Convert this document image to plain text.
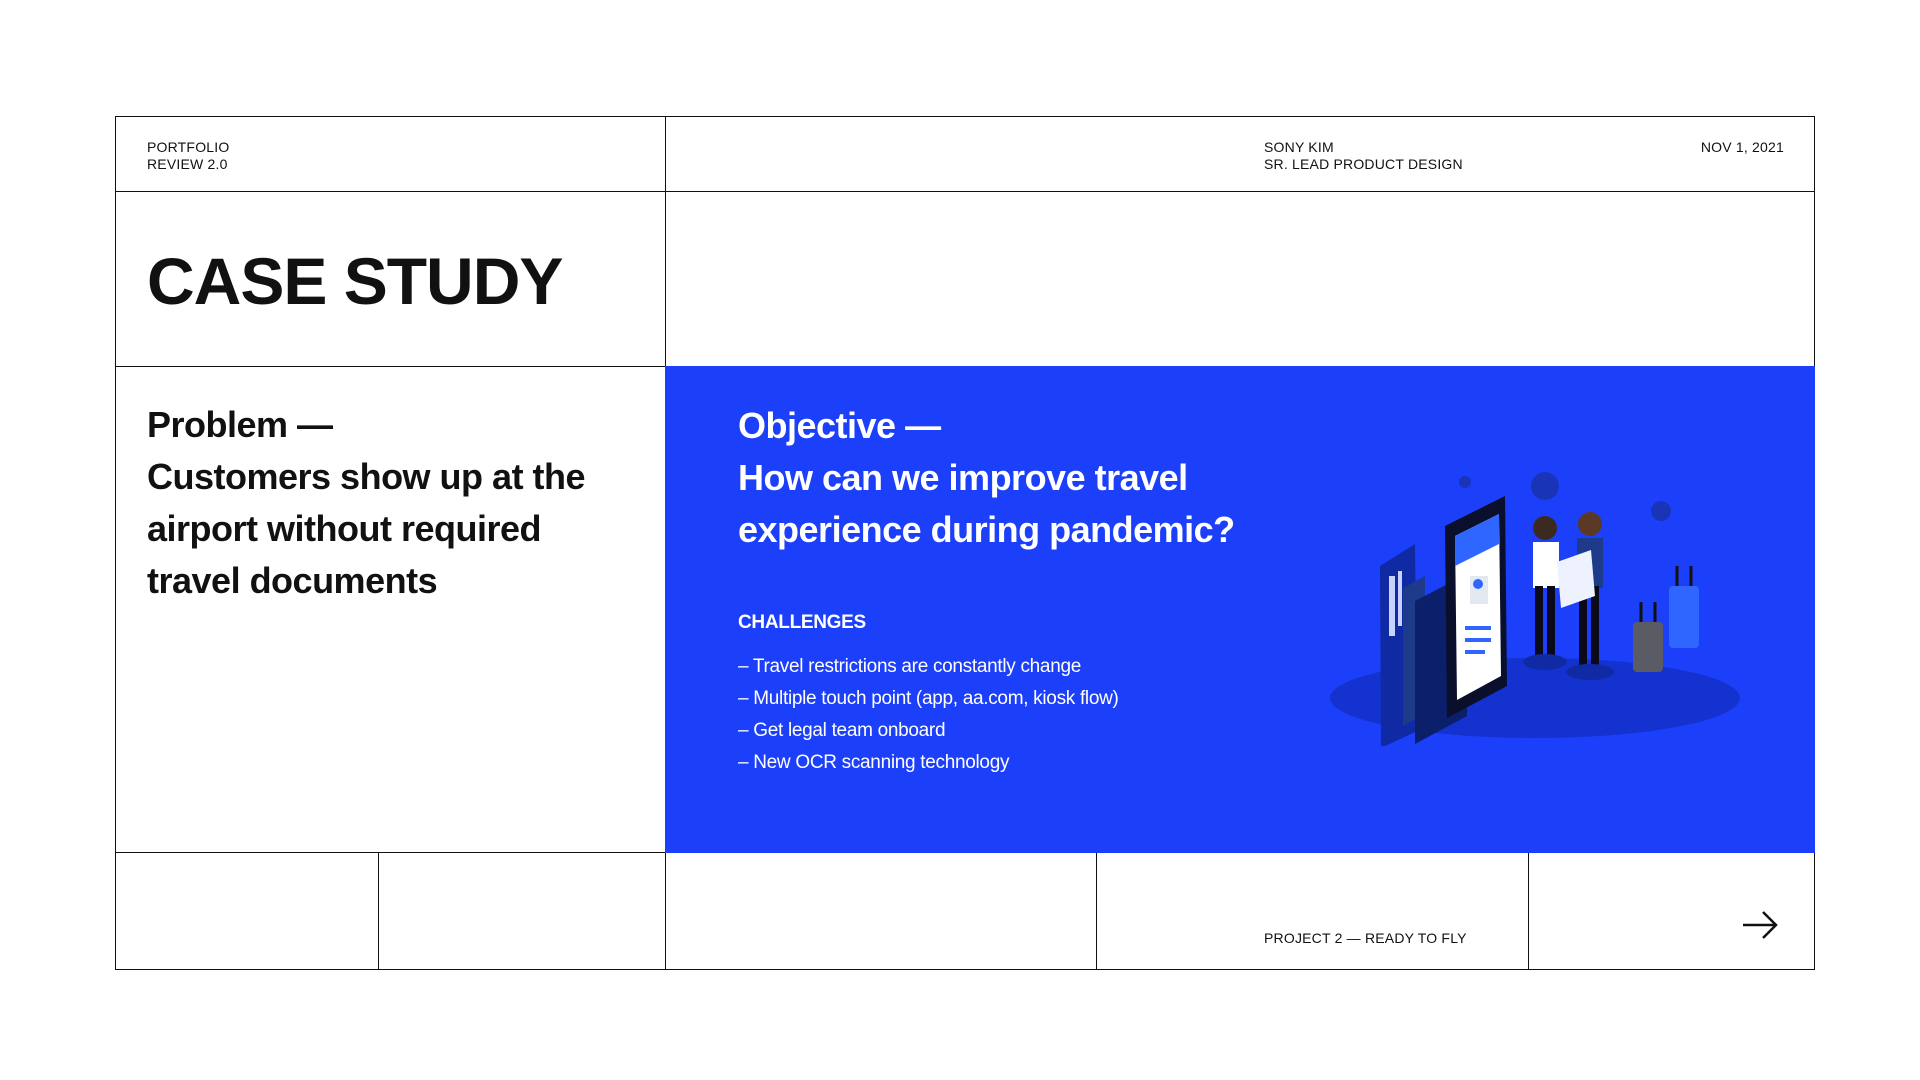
PORTFOLIO
REVIEW 2.0
SONY KIM
SR. LEAD PRODUCT DESIGN
NOV 1, 2021
CASE STUDY
Problem —
Customers show up at the
airport without required
travel documents
PROJECT 2 — READY TO FLY
Objective —
How can we improve travel
experience during pandemic?
CHALLENGES
– Travel restrictions are constantly change
– Multiple touch point (app, aa.com, kiosk flow)
– Get legal team onboard
– New OCR scanning technology
